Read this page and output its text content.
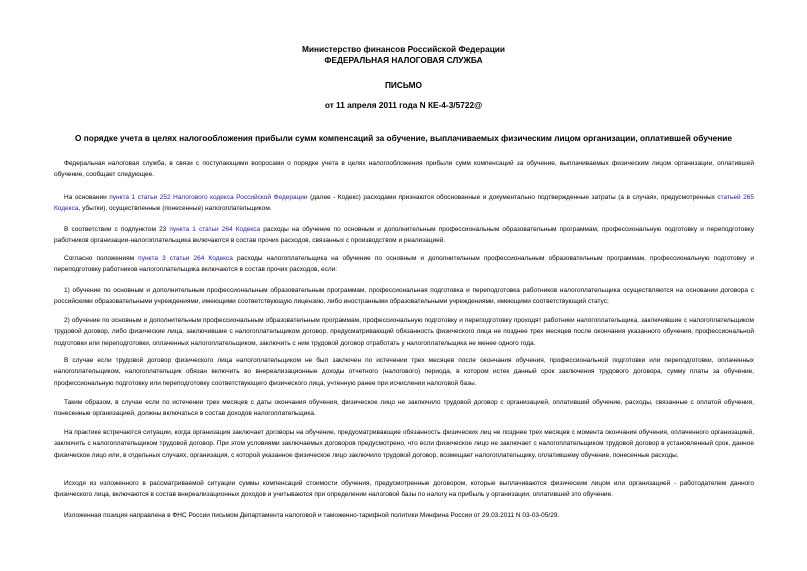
Министерство финансов Российской Федерации
ФЕДЕРАЛЬНАЯ НАЛОГОВАЯ СЛУЖБА
ПИСЬМО
от 11 апреля 2011 года N КЕ-4-3/5722@
О порядке учета в целях налогообложения прибыли сумм компенсаций за обучение, выплачиваемых физическим лицом организации, оплатившей обучение

Федеральная налоговая служба, в связи с поступающими вопросами о порядке учета в целях налогообложения прибыли сумм компенсаций за обучение, выплачиваемых физическим лицом организации, оплатившей обучение, сообщает следующее.

На основании пункта 1 статьи 252 Налогового кодекса Российской Федерации (далее - Кодекс) расходами признаются обоснованные и документально подтвержденные затраты (а в случаях, предусмотренных статьей 265 Кодекса, убытки), осуществленные (понесенные) налогоплательщиком.

В соответствии с подпунктом 23 пункта 1 статьи 264 Кодекса расходы на обучение по основным и дополнительным профессиональным образовательным программам, профессиональную подготовку и переподготовку работников организации-налогоплательщика включаются в состав прочих расходов, связанных с производством и реализацией.

Согласно положениям пункта 3 статьи 264 Кодекса расходы налогоплательщика на обучение по основным и дополнительным профессиональным образовательным программам, профессиональную подготовку и переподготовку работников налогоплательщика включаются в состав прочих расходов, если:

1) обучение по основным и дополнительным профессиональным образовательным программам, профессиональная подготовка и переподготовка работников налогоплательщика осуществляются на основании договора с российскими образовательными учреждениями, имеющими соответствующую лицензию, либо иностранными образовательными учреждениями, имеющими соответствующий статус;

2) обучение по основным и дополнительным профессиональным образовательным программам, профессиональную подготовку и переподготовку проходят работники налогоплательщика, заключившие с налогоплательщиком трудовой договор, либо физические лица, заключившие с налогоплательщиком договор, предусматривающий обязанность физического лица не позднее трех месяцев после окончания указанного обучения, профессиональной подготовки или переподготовки, оплаченных налогоплательщиком, заключить с ним трудовой договор отработать у налогоплательщика не менее одного года.

В случае если трудовой договор физического лица налогоплательщиком не был заключен по истечении трех месяцев после окончания обучения, профессиональной подготовки или переподготовки, оплаченных налогоплательщиком, налогоплательщик обязан включить во внереализационные доходы отчетного (налогового) периода, в котором истек данный срок заключения трудового договора, сумму платы за обучение, профессиональную подготовку или переподготовку соответствующего физического лица, учтенную ранее при исчислении налоговой базы.

Таким образом, в случае если по истечении трех месяцев с даты окончания обучения, физическое лицо не заключило трудовой договор с организацией, оплатившей обучение, расходы, связанные с оплатой обучения, понесенные организацией, должны включаться в состав доходов налогоплательщика.

На практике встречаются ситуации, когда организация заключает договоры на обучение, предусматривающие обязанность физических лиц не позднее трех месяцев с момента окончания обучения, оплаченного организацией, заключить с налогоплательщиком трудовой договор. При этом условиями заключаемых договоров предусмотрено, что если физическое лицо не заключает с налогоплательщиком трудовой договор в установленный срок, данное физическое лицо или, в отдельных случаях, организация, с которой указанное физическое лицо заключило трудовой договор, возмещает налогоплательщику, оплатившему обучение, понесенные расходы.

Исходя из изложенного в рассматриваемой ситуации суммы компенсаций стоимости обучения, предусмотренные договором, которые выплачиваются физическим лицом или организацией - работодателем данного физического лица, включаются в состав внереализационных доходов и учитываются при определении налоговой базы по налогу на прибыль у организации, оплатившей это обучение.

Изложенная позиция направлена в ФНС России письмом Департамента налоговой и таможенно-тарифной политики Минфина России от 29.03.2011 N 03-03-05/29.
